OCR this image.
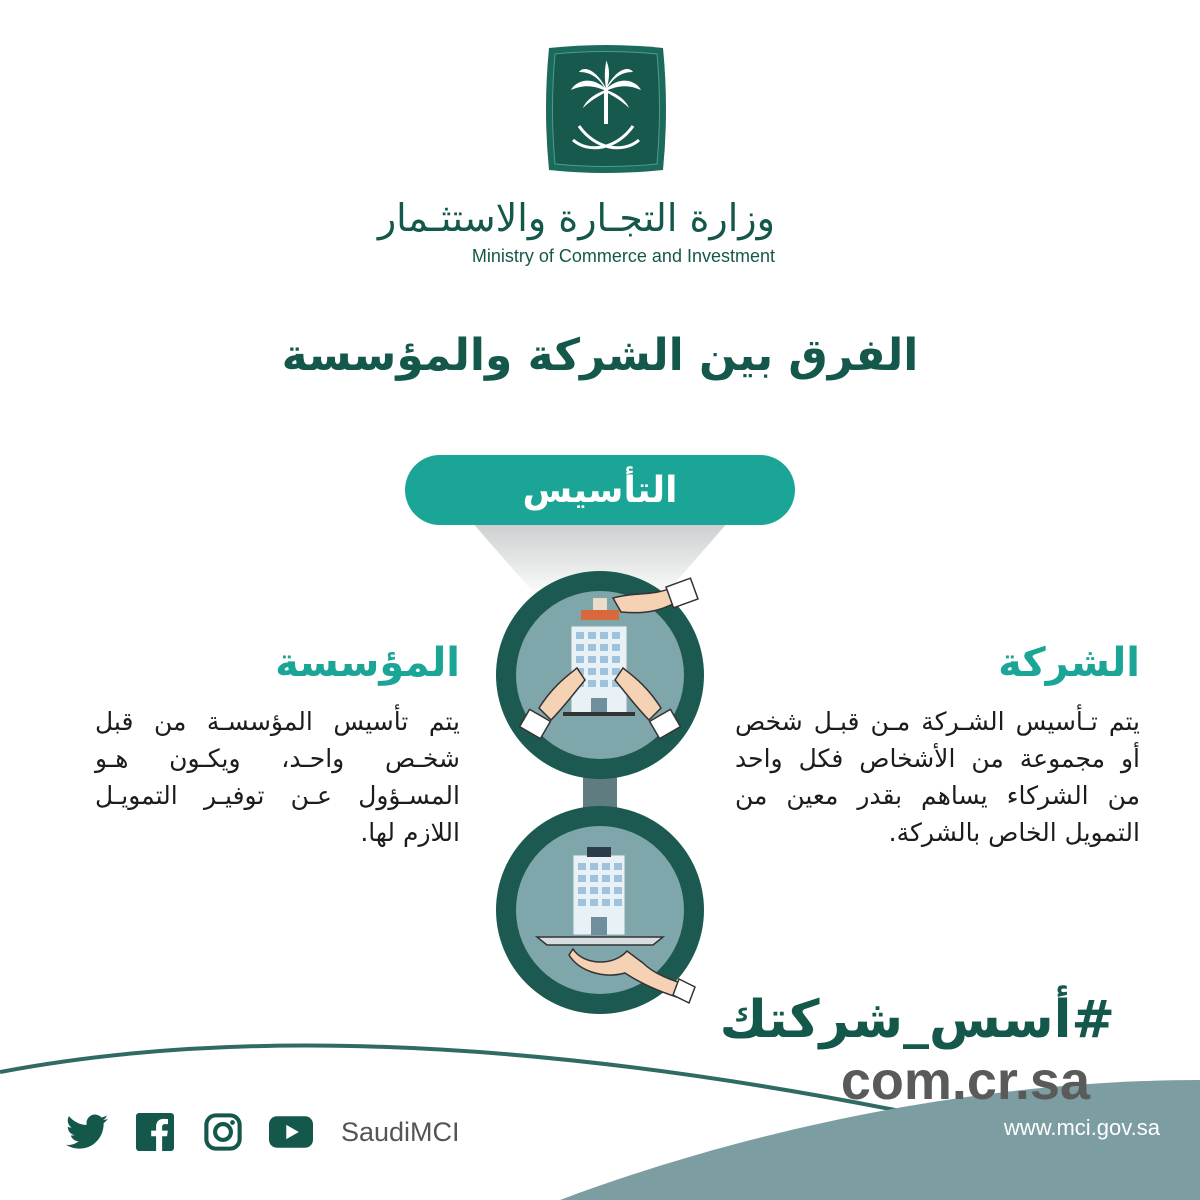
وزارة التجـارة والاستثـمار
Ministry of Commerce and Investment
الفرق بين الشركة والمؤسسة
التأسيس
الشركة
يتم تـأسيس الشـركة مـن قبـل شخص أو مجموعة من الأشخاص فكل واحد من الشركاء يساهم بقدر معين من التمويل الخاص بالشركة.
المؤسسة
يتم تأسيس المؤسسـة من قبل شخـص واحـد، ويكـون هـو المسـؤول عـن توفيـر التمويـل اللازم لها.
#أسس_شركتك
com.cr.sa
SaudiMCI	www.mci.gov.sa
